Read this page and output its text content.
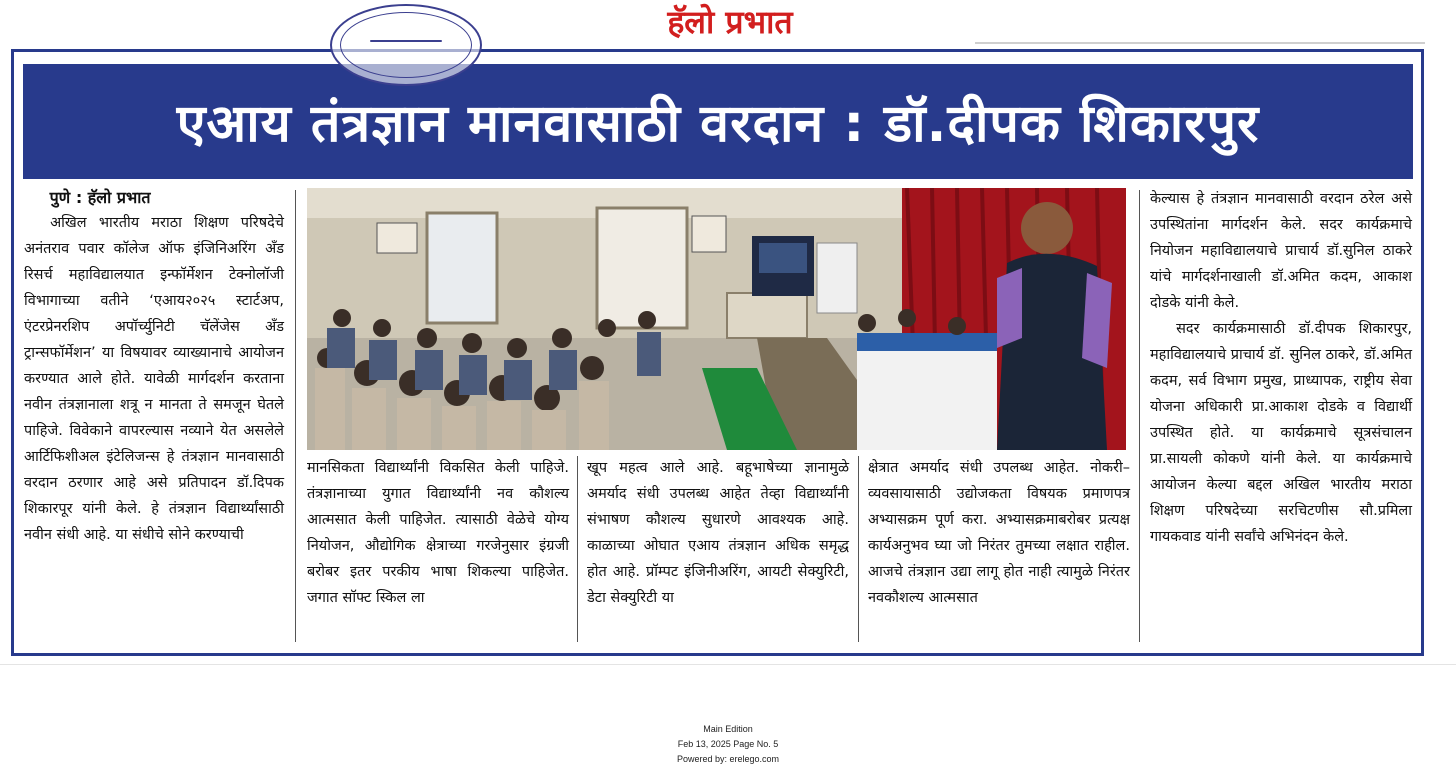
हॅलो प्रभात
एआय तंत्रज्ञान मानवासाठी वरदान : डॉ.दीपक शिकारपुर
पुणे : हॅलो प्रभात

अखिल भारतीय मराठा शिक्षण परिषदेचे अनंतराव पवार कॉलेज ऑफ इंजिनिअरिंग अँड रिसर्च महाविद्यालयात इन्फॉर्मेशन टेक्नोलॉजी विभागाच्या वतीने ‘एआय२०२५ स्टार्टअप, एंटरप्रेनरशिप अपॉर्च्युनिटी चॅलेंजेस अँड ट्रान्सफॉर्मेशन’ या विषयावर व्याख्यानाचे आयोजन करण्यात आले होते. यावेळी मार्गदर्शन करताना नवीन तंत्रज्ञानाला शत्रू न मानता ते समजून घेतले पाहिजे. विवेकाने वापरल्यास नव्याने येत असलेले आर्टिफिशीअल इंटेलिजन्स हे तंत्रज्ञान मानवासाठी वरदान ठरणार आहे असे प्रतिपादन डॉ.दिपक शिकारपूर यांनी केले. हे तंत्रज्ञान विद्यार्थ्यांसाठी नवीन संधी आहे. या संधीचे सोने करण्याची

मानसिकता विद्यार्थ्यांनी विकसित केली पाहिजे. तंत्रज्ञानाच्या युगात विद्यार्थ्यांनी नव कौशल्य आत्मसात केली पाहिजेत. त्यासाठी वेळेचे योग्य नियोजन, औद्योगिक क्षेत्राच्या गरजेनुसार इंग्रजी बरोबर इतर परकीय भाषा शिकल्या पाहिजेत. जगात सॉफ्ट स्किल ला
खूप महत्व आले आहे. बहूभाषेच्या ज्ञानामुळे अमर्याद संधी उपलब्ध आहेत तेव्हा विद्यार्थ्यांनी संभाषण कौशल्य सुधारणे आवश्यक आहे. काळाच्या ओघात एआय तंत्रज्ञान अधिक समृद्ध होत आहे. प्रॉम्पट इंजिनीअरिंग, आयटी सेक्युरिटी, डेटा सेक्युरिटी या
क्षेत्रात अमर्याद संधी उपलब्ध आहेत. नोकरी–व्यवसायासाठी उद्योजकता विषयक प्रमाणपत्र अभ्यासक्रम पूर्ण करा. अभ्यासक्रमाबरोबर प्रत्यक्ष कार्यअनुभव घ्या जो निरंतर तुमच्या लक्षात राहील. आजचे तंत्रज्ञान उद्या लागू होत नाही त्यामुळे निरंतर नवकौशल्य आत्मसात
केल्यास हे तंत्रज्ञान मानवासाठी वरदान ठरेल असे उपस्थितांना मार्गदर्शन केले. सदर कार्यक्रमाचे नियोजन महाविद्यालयाचे प्राचार्य डॉ.सुनिल ठाकरे यांचे मार्गदर्शनाखाली डॉ.अमित कदम, आकाश दोडके यांनी केले.

सदर कार्यक्रमासाठी डॉ.दीपक शिकारपुर, महाविद्यालयाचे प्राचार्य डॉ. सुनिल ठाकरे, डॉ.अमित कदम, सर्व विभाग प्रमुख, प्राध्यापक, राष्ट्रीय सेवा योजना अधिकारी प्रा.आकाश दोडके व विद्यार्थी उपस्थित होते. या कार्यक्रमाचे सूत्रसंचालन प्रा.सायली कोकणे यांनी केले. या कार्यक्रमाचे आयोजन केल्या बद्दल अखिल भारतीय मराठा शिक्षण परिषदेच्या सरचिटणीस सौ.प्रमिला गायकवाड यांनी सर्वांचे अभिनंदन केले.

Main Edition
Feb 13, 2025 Page No. 5
Powered by: erelego.com
